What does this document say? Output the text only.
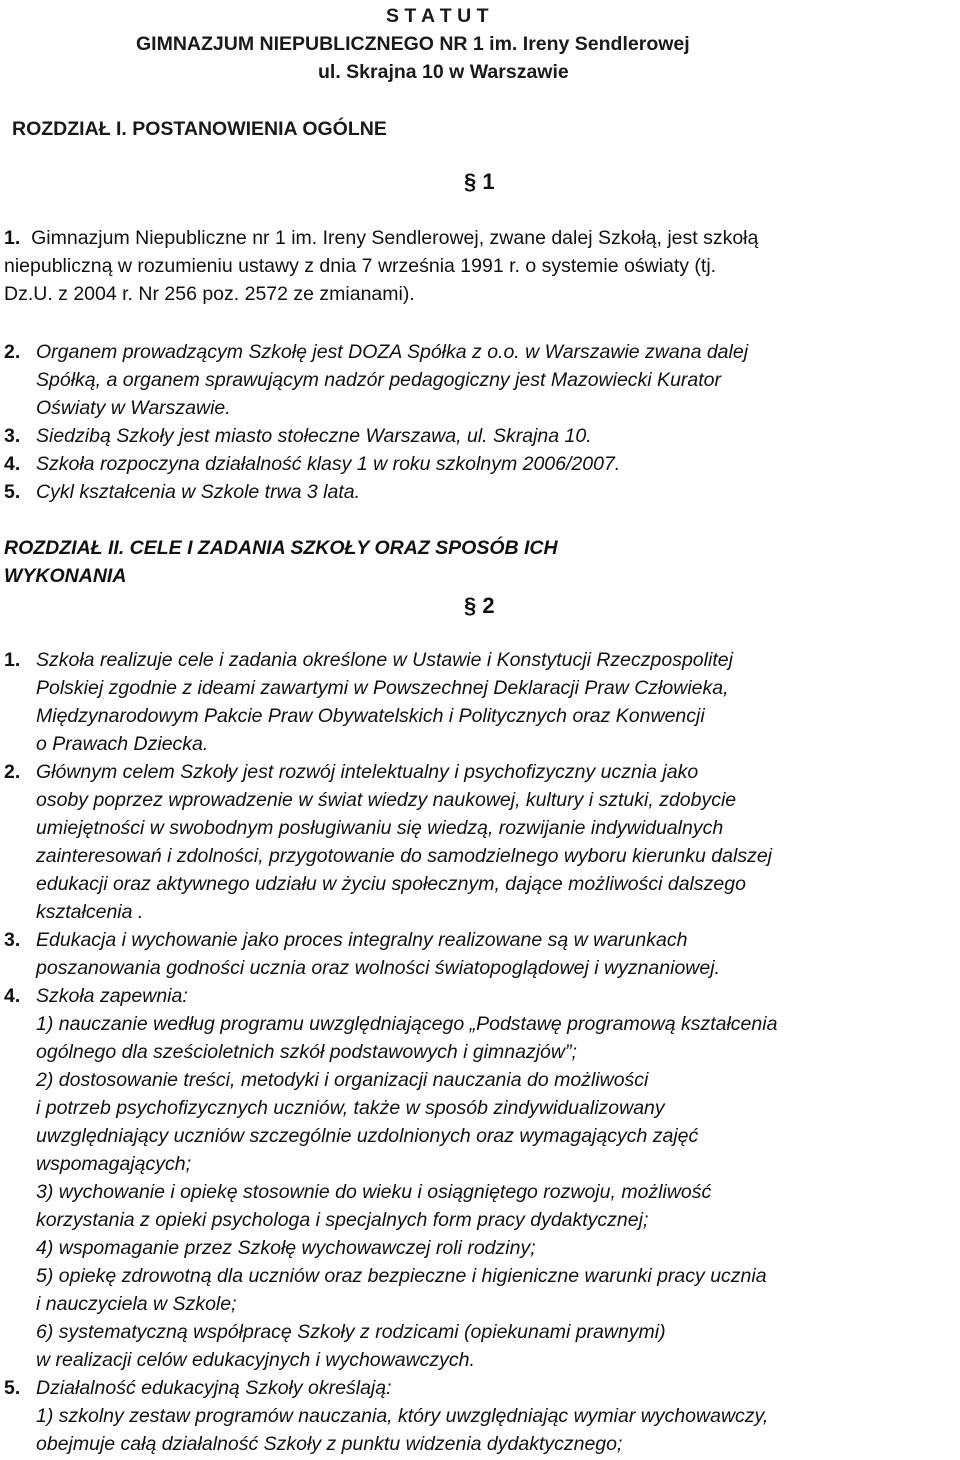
S T A T U T
GIMNAZJUM NIEPUBLICZNEGO NR 1 im. Ireny Sendlerowej
ul. Skrajna 10 w Warszawie
ROZDZIAŁ I. POSTANOWIENIA OGÓLNE
§ 1
1. Gimnazjum Niepubliczne nr 1 im. Ireny Sendlerowej, zwane dalej Szkołą, jest szkołą
niepubliczną w rozumieniu ustawy z dnia 7 września 1991 r. o systemie oświaty (tj.
Dz.U. z 2004 r. Nr 256 poz. 2572 ze zmianami).
2. Organem prowadzącym Szkołę jest DOZA Spółka z o.o. w Warszawie zwana dalej
Spółką, a organem sprawującym nadzór pedagogiczny jest Mazowiecki Kurator
Oświaty w Warszawie.
3. Siedzibą Szkoły jest miasto stołeczne Warszawa, ul. Skrajna 10.
4. Szkoła rozpoczyna działalność klasy 1 w roku szkolnym 2006/2007.
5. Cykl kształcenia w Szkole trwa 3 lata.
ROZDZIAŁ II. CELE I ZADANIA SZKOŁY ORAZ SPOSÓB ICH
WYKONANIA
§ 2
1. Szkoła realizuje cele i zadania określone w Ustawie i Konstytucji Rzeczpospolitej
Polskiej zgodnie z ideami zawartymi w Powszechnej Deklaracji Praw Człowieka,
Międzynarodowym Pakcie Praw Obywatelskich i Politycznych oraz Konwencji
o Prawach Dziecka.
2. Głównym celem Szkoły jest rozwój intelektualny i psychofizyczny ucznia jako
osoby poprzez wprowadzenie w świat wiedzy naukowej, kultury i sztuki, zdobycie
umiejętności w swobodnym posługiwaniu się wiedzą, rozwijanie indywidualnych
zainteresowań i zdolności, przygotowanie do samodzielnego wyboru kierunku dalszej
edukacji oraz aktywnego udziału w życiu społecznym, dające możliwości dalszego
kształcenia .
3. Edukacja i wychowanie jako proces integralny realizowane są w warunkach
poszanowania godności ucznia oraz wolności światopoglądowej i wyznaniowej.
4. Szkoła zapewnia:
1) nauczanie według programu uwzględniającego „Podstawę programową kształcenia
ogólnego dla sześcioletnich szkół podstawowych i gimnazjów”;
2) dostosowanie treści, metodyki i organizacji nauczania do możliwości
i potrzeb psychofizycznych uczniów, także w sposób zindywidualizowany
uwzględniający uczniów szczególnie uzdolnionych oraz wymagających zajęć
wspomagających;
3) wychowanie i opiekę stosownie do wieku i osiągniętego rozwoju, możliwość
korzystania z opieki psychologa i specjalnych form pracy dydaktycznej;
4) wspomaganie przez Szkołę wychowawczej roli rodziny;
5) opiekę zdrowotną dla uczniów oraz bezpieczne i higieniczne warunki pracy ucznia
i nauczyciela w Szkole;
6) systematyczną współpracę Szkoły z rodzicami (opiekunami prawnymi)
w realizacji celów edukacyjnych i wychowawczych.
5. Działalność edukacyjną Szkoły określają:
1) szkolny zestaw programów nauczania, który uwzględniając wymiar wychowawczy,
obejmuje całą działalność Szkoły z punktu widzenia dydaktycznego;
